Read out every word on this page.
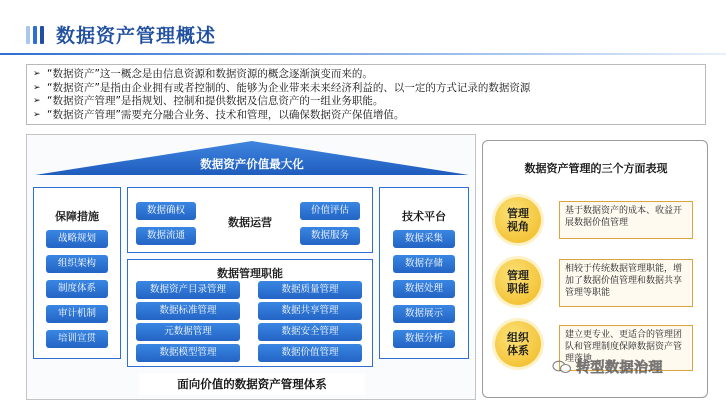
数据资产管理概述
➢ “数据资产”这一概念是由信息资源和数据资源的概念逐渐演变而来的。
➢ “数据资产”是指由企业拥有或者控制的、能够为企业带来未来经济利益的、以一定的方式记录的数据资源
➢ “数据资产管理”是指规划、控制和提供数据及信息资产的一组业务职能。
➢ “数据资产管理”需要充分融合业务、技术和管理，以确保数据资产保值增值。
数据资产价值最大化
保障措施
战略规划
组织架构
制度体系
审计机制
培训宣贯
数据确权
数据流通
数据运营
价值评估
数据服务
数据管理职能
数据资产目录管理
数据标准管理
元数据管理
数据模型管理
数据质量管理
数据共享管理
数据安全管理
数据价值管理
技术平台
数据采集
数据存储
数据处理
数据展示
数据分析
面向价值的数据资产管理体系
数据资产管理的三个方面表现
管理
视角
基于数据资产的成本、收益开展数据价值管理
管理
职能
相较于传统数据管理职能，增加了数据价值管理和数据共享管理等职能
组织
体系
建立更专业、更适合的管理团队和管理制度保障数据资产管理落地
转型数据治理
